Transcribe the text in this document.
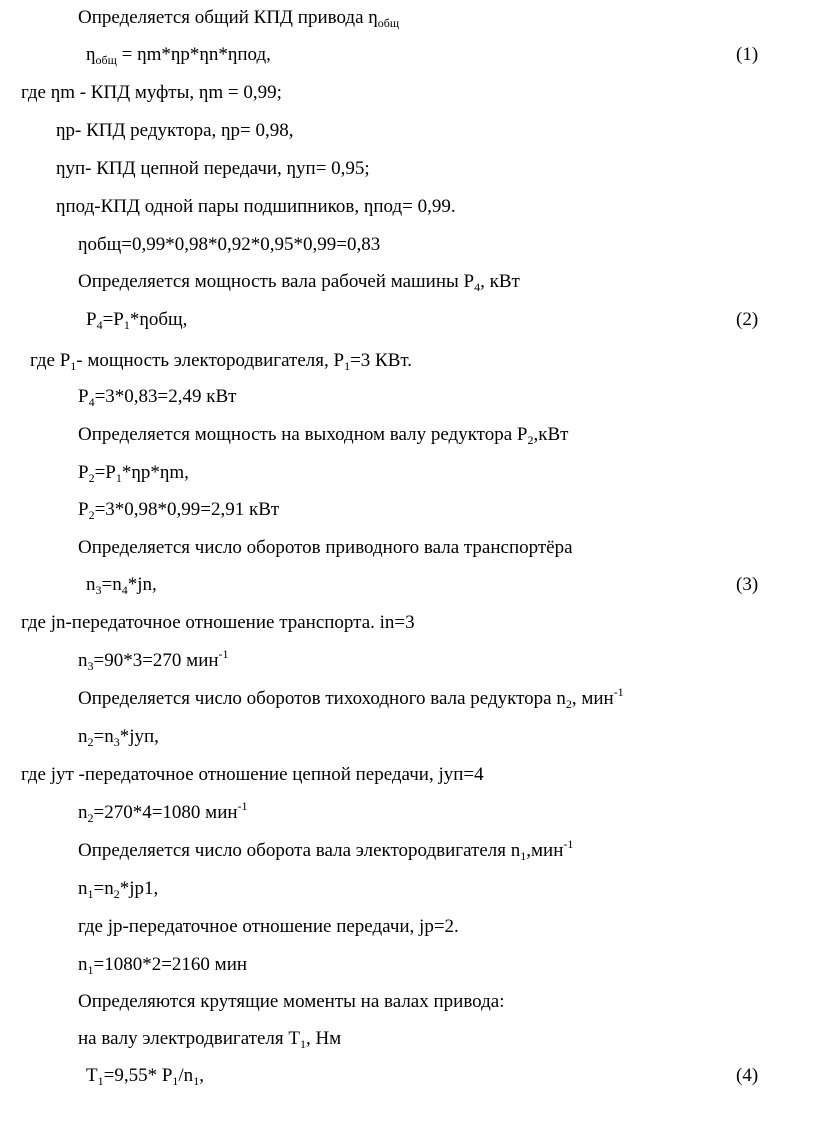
Определяется общий КПД привода $ƞ_{общ}$
$ƞ_{общ}$ = ƞm*ƞp*ƞn*ƞпод,	(1)
где ƞm - КПД муфты, ƞm = 0,99;
ƞр- КПД редуктора, ƞр= 0,98,
ƞуп- КПД цепной передачи, ƞуп= 0,95;
ƞпод-КПД одной пары подшипников, ƞпод= 0,99.
ƞобщ=0,99*0,98*0,92*0,95*0,99=0,83
Определяется мощность вала рабочей машины $Р_4$, кВт
$Р_4=Р_1*ƞобщ$,	(2)
где $Р_1-$ мощность электородвигателя, $Р_1=3$ КВт.
$Р_4=3*0,83=2,49$ кВт
Определяется мощность на выходном валу редуктора $Р_2,кВт$
$Р_2=Р_1*ƞр*ƞm$,
$Р_2=3*0,98*0,99=2,91$ кВт
Определяется число оборотов приводного вала транспортёра
$n_3=n_4*jn$,	(3)
где jn-передаточное отношение транспорта. in=3
$n_3=90*3=270$ мин$^{-1}$
Определяется число оборотов тихоходного вала редуктора $n_2$, мин$^{-1}$
$n_2=n_3*jуп$,
где jут -передаточное отношение цепной передачи, jуп=4
$n_2=270*4=1080$ мин$^{-1}$
Определяется число оборота вала электородвигателя $n_1,мин^{-1}$
$n_1=n_2*jр1$,
где jр-передаточное отношение передачи, jр=2.
$n_1=1080*2=2160$ мин
Определяются крутящие моменты на валах привода:
на валу электродвигателя $Т_1$, Нм
$Т_1=9,55*$ $Р_1/n_1$,	(4)
